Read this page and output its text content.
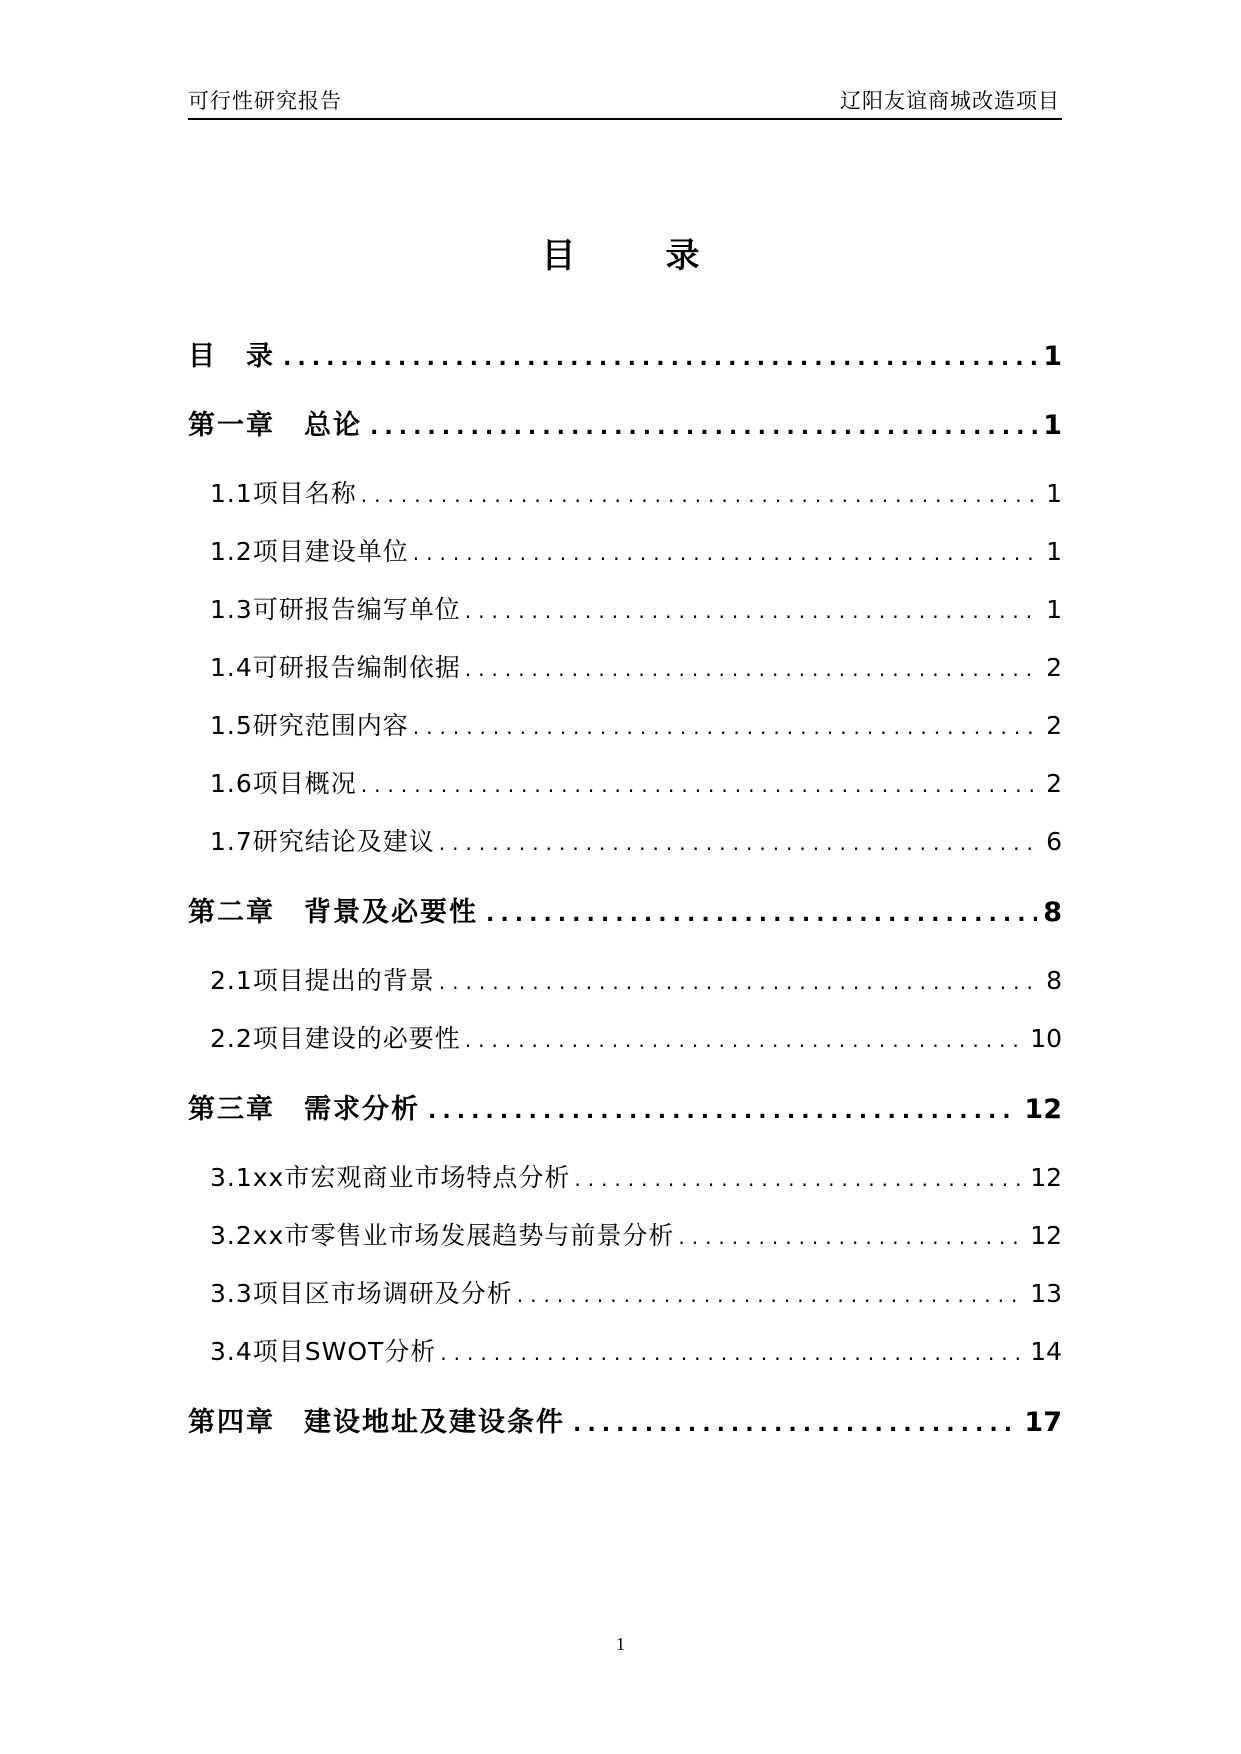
可行性研究报告	辽阳友谊商城改造项目
目　录
目　录 .....	1
第一章　总论 .....	1
1.1项目名称 .....	1
1.2项目建设单位 .....	1
1.3可研报告编写单位 .....	1
1.4可研报告编制依据 .....	2
1.5研究范围内容 .....	2
1.6项目概况 .....	2
1.7研究结论及建议 .....	6
第二章　背景及必要性 .....	8
2.1项目提出的背景 .....	8
2.2项目建设的必要性 .....	10
第三章　需求分析 .....	12
3.1xx市宏观商业市场特点分析 .....	12
3.2xx市零售业市场发展趋势与前景分析 .....	12
3.3项目区市场调研及分析 .....	13
3.4项目SWOT分析 .....	14
第四章　建设地址及建设条件 .....	17
1
